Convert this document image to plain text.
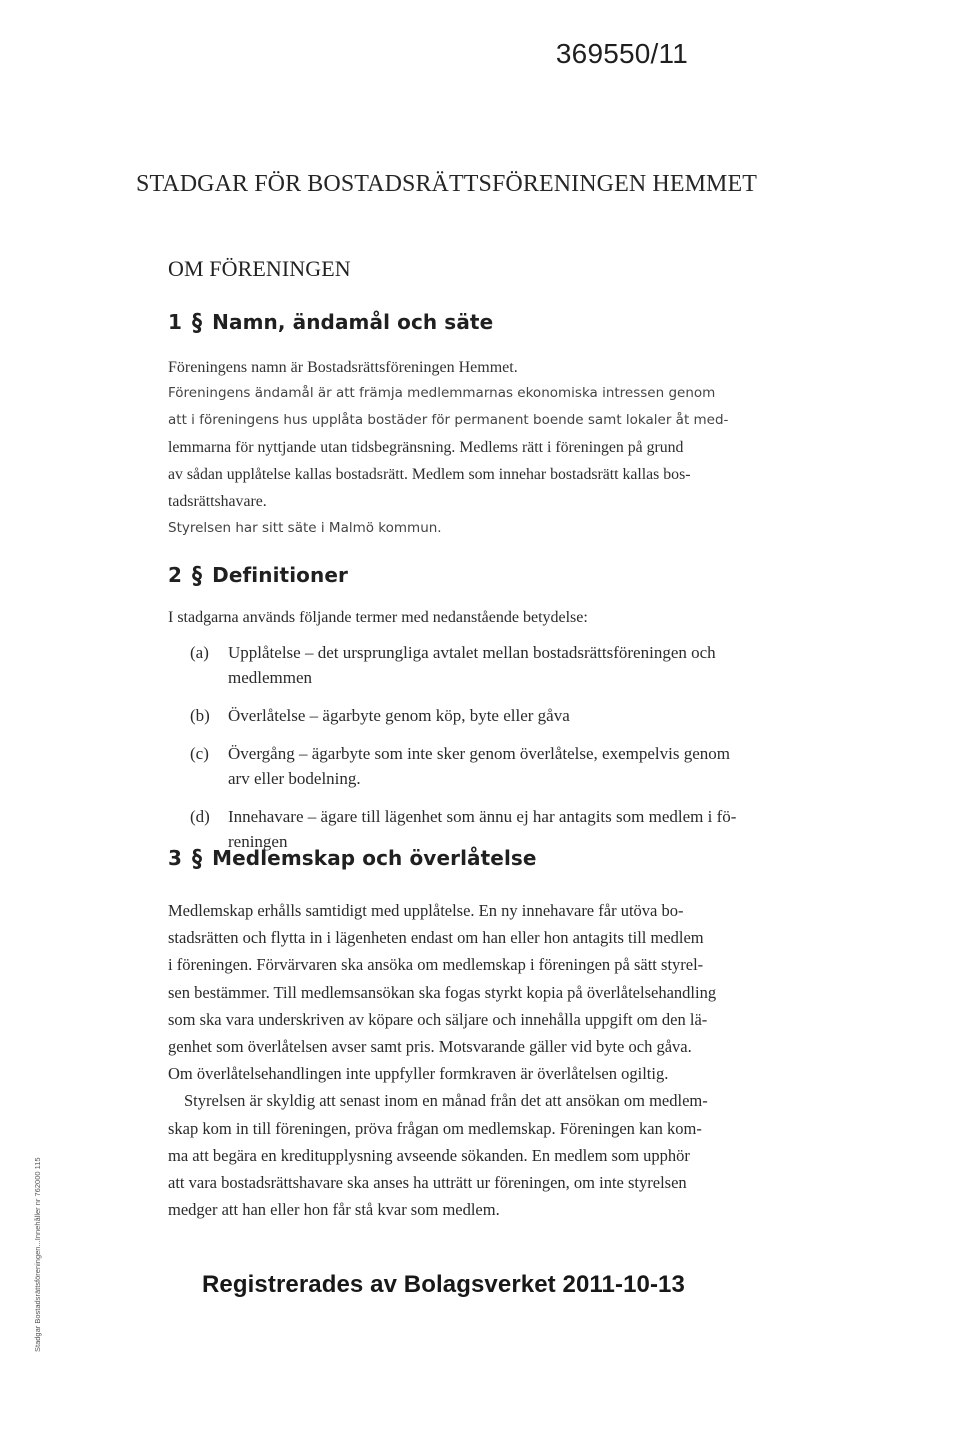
369550/11
STADGAR FÖR BOSTADSRÄTTSFÖRENINGEN HEMMET
OM FÖRENINGEN
1 § Namn, ändamål och säte
Föreningens namn är Bostadsrättsföreningen Hemmet.
Föreningens ändamål är att främja medlemmarnas ekonomiska intressen genom
att i föreningens hus upplåta bostäder för permanent boende samt lokaler åt med-
lemmarna för nyttjande utan tidsbegränsning. Medlems rätt i föreningen på grund
av sådan upplåtelse kallas bostadsrätt. Medlem som innehar bostadsrätt kallas bos-
tadsrättshavare.
Styrelsen har sitt säte i Malmö kommun.
2 § Definitioner
I stadgarna används följande termer med nedanstående betydelse:
(a) Upplåtelse – det ursprungliga avtalet mellan bostadsrättsföreningen och
medlemmen
(b) Överlåtelse – ägarbyte genom köp, byte eller gåva
(c) Övergång – ägarbyte som inte sker genom överlåtelse, exempelvis genom
arv eller bodelning.
(d) Innehavare – ägare till lägenhet som ännu ej har antagits som medlem i fö-
reningen
3 § Medlemskap och överlåtelse
Medlemskap erhålls samtidigt med upplåtelse. En ny innehavare får utöva bo-
stadsrätten och flytta in i lägenheten endast om han eller hon antagits till medlem
i föreningen. Förvärvaren ska ansöka om medlemskap i föreningen på sätt styrel-
sen bestämmer. Till medlemsansökan ska fogas styrkt kopia på överlåtelsehandling
som ska vara underskriven av köpare och säljare och innehålla uppgift om den lä-
genhet som överlåtelsen avser samt pris. Motsvarande gäller vid byte och gåva.
Om överlåtelsehandlingen inte uppfyller formkraven är överlåtelsen ogiltig.
Styrelsen är skyldig att senast inom en månad från det att ansökan om medlem-
skap kom in till föreningen, pröva frågan om medlemskap. Föreningen kan kom-
ma att begära en kreditupplysning avseende sökanden. En medlem som upphör
att vara bostadsrättshavare ska anses ha utträtt ur föreningen, om inte styrelsen
medger att han eller hon får stå kvar som medlem.
Registrerades av Bolagsverket 2011-10-13
Stadgar Bostadsrättsföreningen...Innehåller nr 762000 115
